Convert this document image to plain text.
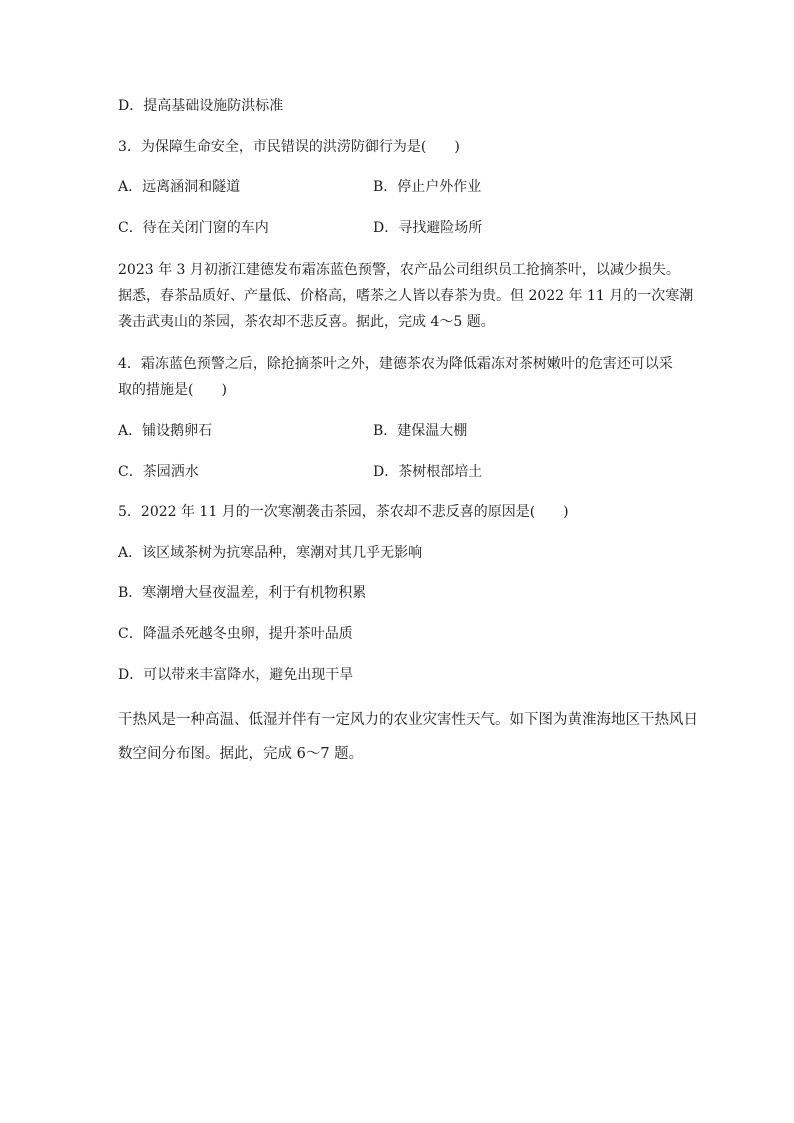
D．提高基础设施防洪标准
3．为保障生命安全，市民错误的洪涝防御行为是(　　)
A．远离涵洞和隧道	B．停止户外作业
C．待在关闭门窗的车内	D．寻找避险场所
2023 年 3 月初浙江建德发布霜冻蓝色预警，农产品公司组织员工抢摘茶叶，以减少损失。
据悉，春茶品质好、产量低、价格高，嗜茶之人皆以春茶为贵。但 2022 年 11 月的一次寒潮
袭击武夷山的茶园，茶农却不悲反喜。据此，完成 4～5 题。
4．霜冻蓝色预警之后，除抢摘茶叶之外，建德茶农为降低霜冻对茶树嫩叶的危害还可以采
取的措施是(　　)
A．铺设鹅卵石	B．建保温大棚
C．茶园洒水	D．茶树根部培土
5．2022 年 11 月的一次寒潮袭击茶园，茶农却不悲反喜的原因是(　　)
A．该区域茶树为抗寒品种，寒潮对其几乎无影响
B．寒潮增大昼夜温差，利于有机物积累
C．降温杀死越冬虫卵，提升茶叶品质
D．可以带来丰富降水，避免出现干旱
干热风是一种高温、低湿并伴有一定风力的农业灾害性天气。如下图为黄淮海地区干热风日
数空间分布图。据此，完成 6～7 题。
